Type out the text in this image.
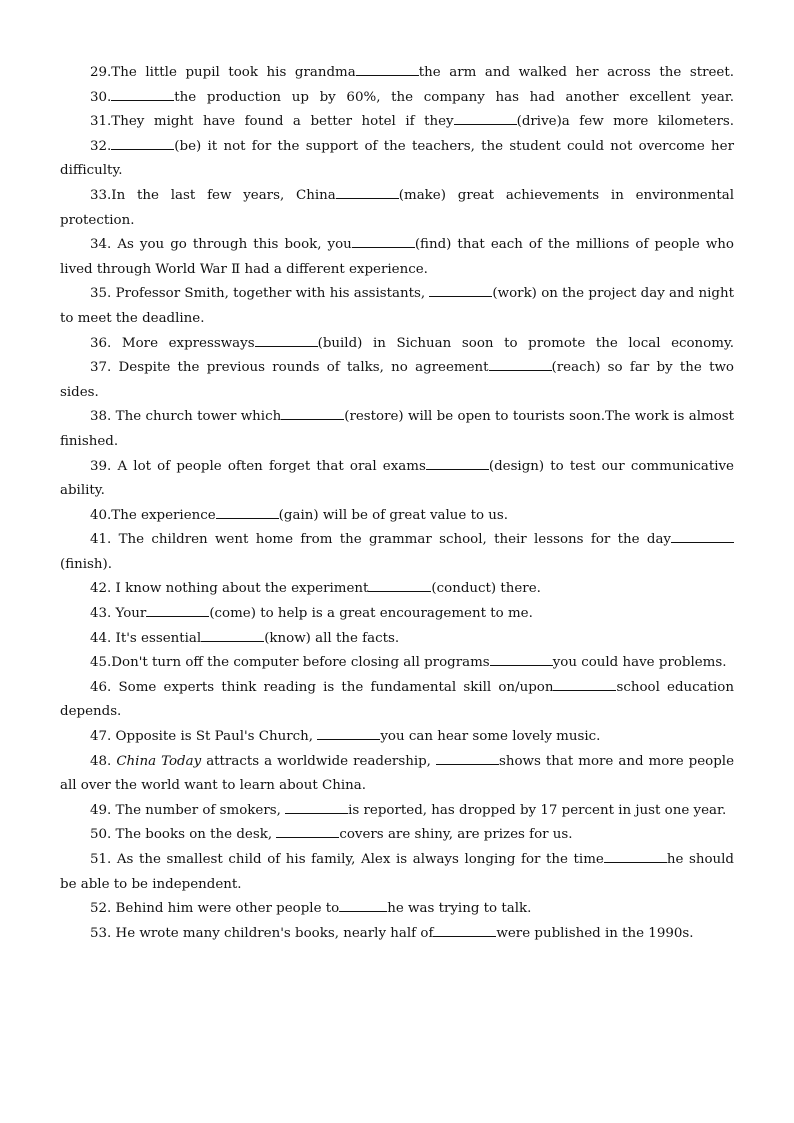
29.The little pupil took his grandma	the arm and walked her across the street.

30.	the production up by 60%, the company has had another excellent year.

31.They might have found a better hotel if they	(drive)a few more kilometers.

32.	(be) it not for the support of the teachers, the student could not overcome her difficulty.

33.In the last few years, China	(make) great achievements in environmental protection.

34. As you go through this book, you	(find) that each of the millions of people who lived through World War Ⅱ had a different experience.

35. Professor Smith, together with his assistants,	(work) on the project day and night to meet the deadline.

36. More expressways	(build) in Sichuan soon to promote the local economy.

37. Despite the previous rounds of talks, no agreement	(reach) so far by the two sides.

38. The church tower which	(restore) will be open to tourists soon.The work is almost finished.

39. A lot of people often forget that oral exams	(design) to test our communicative ability.

40.The experience	(gain) will be of great value to us.

41. The children went home from the grammar school, their lessons for the day(finish).

42. I know nothing about the experiment	(conduct) there.

43. Your	(come) to help is a great encouragement to me.

44. It's essential	(know) all the facts.

45.Don't turn off the computer before closing all programs	you could have problems.

46. Some experts think reading is the fundamental skill on/upon	school education depends.

47. Opposite is St Paul's Church,	you can hear some lovely music.

48. China Today attracts a worldwide readership,	shows that more and more people all over the world want to learn about China.

49. The number of smokers,	is reported, has dropped by 17 percent in just one year.

50. The books on the desk,	covers are shiny, are prizes for us.

51. As the smallest child of his family, Alex is always longing for the time	he should be able to be independent.

52. Behind him were other people to	he was trying to talk.

53. He wrote many children's books, nearly half of	were published in the 1990s.
